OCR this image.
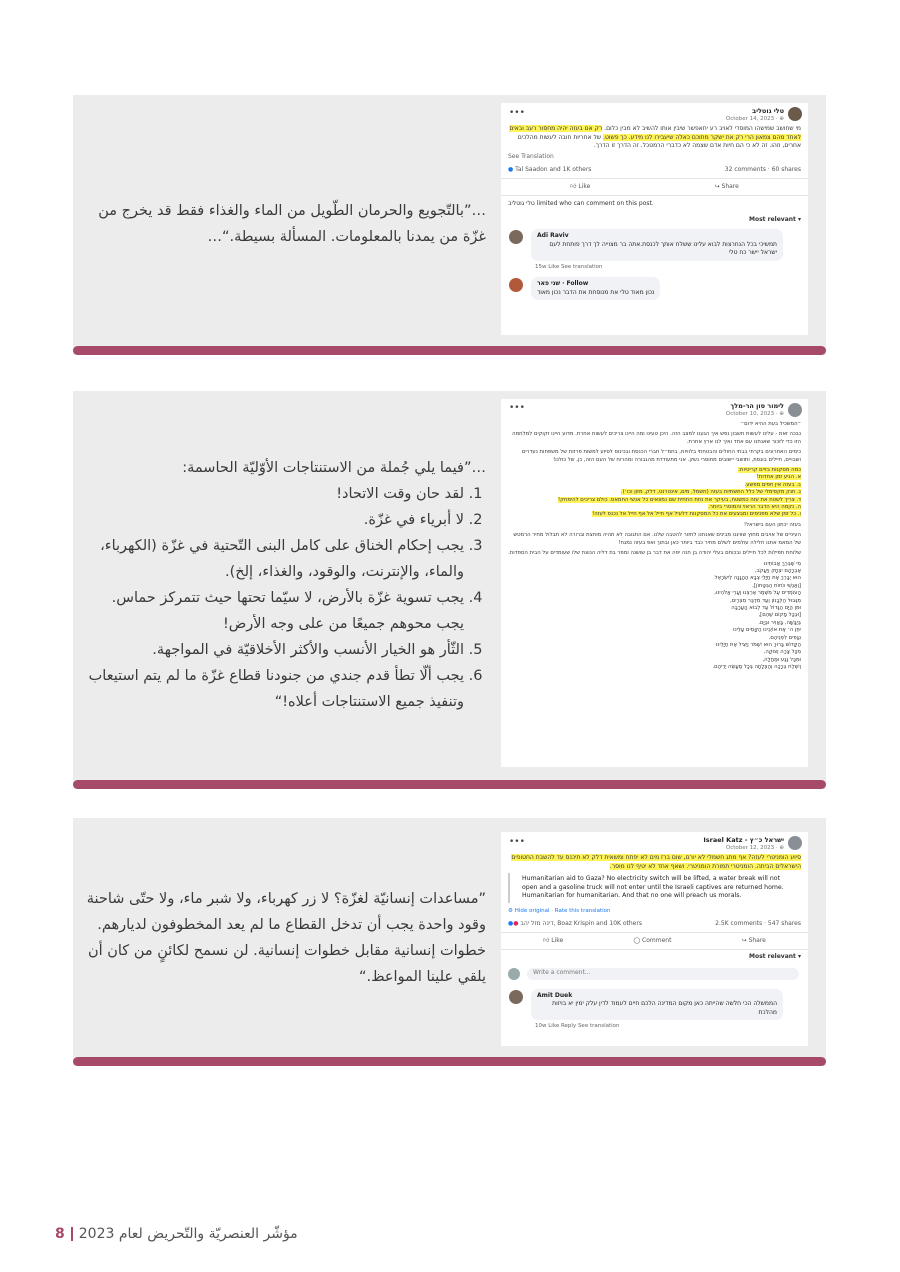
…”بالتّجويع والحرمان الطّويل من الماء والغذاء فقط قد يخرج من غزّة من يمدنا بالمعلومات. المسألة بسيطة.“…
טלי גוטליב
October 14, 2023 · ⊕
•••
מי שחושב שמישהו המוסדי לאויב רע יתאפשר שיבין אותו להשיב לא מבין כלום. רק אם בעזה יהיה מחסור רעב ובאים לאחד מהם צמאון הרי רק את ישקר מתוכם כאלה שיעבירו לנו מידע. כך פשוט. של אחריות חובה לעשות מהלכים אחרים, וזהו. זה לא כי הם חיות אדם שצמה לא כדברי הרמטכל. זה הדרך זו הדרך.
See Translation
● Tal Saadon and 1K others	32 comments · 60 shares
👍︎ Like	↪ Share
טלי גוטליב limited who can comment on this post.
Most relevant ▾
Adi Raviv
תמשיכי בכל הנחרצות לבוא עלינו ששלח אותך לכנסת.אתה בר מצוייה לך דרך פותחת לעם ישראל יישר כח טלי
15w Like See translation
שני פאר · Follow
נכון מאוד טלי את מנוסחת את הדבר נכון מאוד
…”فيما يلي جُملة من الاستنتاجات الأوّليّة الحاسمة:
1. لقد حان وقت الاتحاد!
2. لا أبرياء في غزّة.
3. يجب إحكام الخناق على كامل البنى التّحتية في غزّة (الكهرباء، والماء، والإنترنت، والوقود، والغذاء، إلخ).
4. يجب تسوية غزّة بالأرض، لا سيّما تحتها حيث تتمركز حماس. يجب محوهم جميعًا من على وجه الأرض!
5. الثّأر هو الخيار الأنسب والأكثر الأخلاقيّة في المواجهة.
6. يجب ألّا تطأ قدم جندي من جنودنا قطاع غزّة ما لم يتم استيعاب وتنفيذ جميع الاستنتاجات أعلاه!“
לימור סון הר-מלך
October 10, 2023 · ⊕
•••
״המשכיל בעת ההיא ידום״
נבכה זאת - עלינו לעשות חשבון נפש איך הגענו למצב הזה. היכן טעינו ומה היינו צריכים לעשות אחרת. מדוע היינו זקוקים למלחמה הזו כדי לזכור שאנחנו עם אחד ואיך לנו ארץ אחרת.
כימים האחרונים בקרתי בבתי החולים והבטחתי בלוויות, בחמ״ל חברי הכנסת ובכינוס לסיוע למשות פרזות של משפחות נעדרים ושבויים, חיילים בוגסת, ותושבי יישובים מחוסרי נשק. אני מתעודדת מהגבורה ומהרוח של העם הזה, כן, של כולנו!
כמה מסקנות בזיים קריטיות:
א. הגיע זמן אחדות!
ב. בעזה אין חפים מפשע.
ג. חנק מקסימלי של כלל התשתיות בעזה (חשמל, מים, אינטרנט, דלק, מזון וכו׳).
ד. צריך לשטח את עזה כמשטח, בעיקר את נחת התחית שם נמצאים כל אנשי החמאס. כולם צריכים להימחק!
ה. נקמה היא הדבר הראוי והמוסרי ביותר.
ו. כל זמן שלא מפנימים ומבצעים את כל המסקנות דלעיל אף חייל אל אף חייל אל נכנס לעזה!
בעזה יכתון העם בישראל!
העיניים של אויבים מחוץ שוויגנו מבינים שאנחנו לחזור להטבה שלנו. אם התגובה לא תהיה מוחצת וברורה לא תבלול מחיר הרמטש של המאמ אתנו חלילה עולמים לשלם מחיר כבד ביותר כאן ובתוך ואפ בעזה נמגח!
שלוחת תפילות לכל חיילים ובכוחם בעלי יהודה בן חנה יפה את דבר בן שושנה ומפר בת דליה הנוצח שלו שעומדים על הבית הספדות.
מִי שֶׁבֵּרַךְ אֲבוֹתֵינוּ
אַבְרָהָם יִצְחָק וְיַעֲקֹב,
הוּא יְבָרֵךְ אֶת חַיָּלֵי צְבָא הַהֲגָנָה לְיִשְׂרָאֵל
[וְאַנְשֵׁי כֹּחוֹת הַבִּטָּחוֹן],
הָעוֹמְדִים עַל מִשְׁמַר אַרְצֵנוּ וְעָרֵי אֱלֹהֵינוּ,
מִגְּבוּל הַלְּבָנוֹן וְעַד מִדְבַּר מִצְרַיִם,
וּמִן הַיָּם הַגָּדוֹל עַד לְבוֹא הָעֲרָבָה
[וּבְכָל מָקוֹם שֶׁהֵם],
בַּיַּבָּשָׁה, בָּאֲוִיר וּבַיָּם.
יִתֵּן ה׳ אֶת אוֹיְבֵינוּ הַקָּמִים עָלֵינוּ
נִגָּפִים לִפְנֵיהֶם.
הַקָּדוֹשׁ בָּרוּךְ הוּא יִשְׁמֹר וְיַצִּיל אֶת חַיָּלֵינוּ
מִכָּל צָרָה וְצוּקָה,
וּמִכָּל נֶגַע וּמַחֲלָה,
וְיִשְׁלַח בְּרָכָה וְהַצְלָחָה בְּכָל מַעֲשֵׂה יְדֵיהֶם.
”مساعدات إنسانيّة لغزّة؟ لا زر كهرباء، ولا شبر ماء، ولا حتّى شاحنة وقود واحدة يجب أن تدخل القطاع ما لم يعد المخطوفون لديارهم. خطوات إنسانية مقابل خطوات إنسانية. لن نسمح لكائنٍ من كان أن يلقي علينا المواعظ.“
Israel Katz - ישראל כ״ץ
October 12, 2023 · ⊕
•••
סיוע הומניטרי לעזה? אף מתג חשמלי לא יורם, שום ברז מים לא יפתח ומשאית דלק לא תיכנס עד להשבת החטופים הישראלים הביתה. הומניטרי תמורת הומניטרי. ושאף אחד לא יטיף לנו מוסר.
Humanitarian aid to Gaza? No electricity switch will be lifted, a water break will not open and a gasoline truck will not enter until the Israeli captives are returned home. Humanitarian for humanitarian. And that no one will preach us morals.
⚙ Hide original · Rate this translation
●● דינה מזל יהב, Boaz Krispin and 10K others	2.5K comments · 547 shares
👍︎ Like	◯ Comment	↪ Share
Most relevant ▾
Write a comment...
Amit Duek
הממשלה הכי חלשה שהייתה כאן מקום המדינה הלכם חיים לעמוד לדין עלק ימין יא בויזות מהלכת
10w Like Reply See translation
8 مؤشّر العنصريّة والتّحريض لعام 2023
